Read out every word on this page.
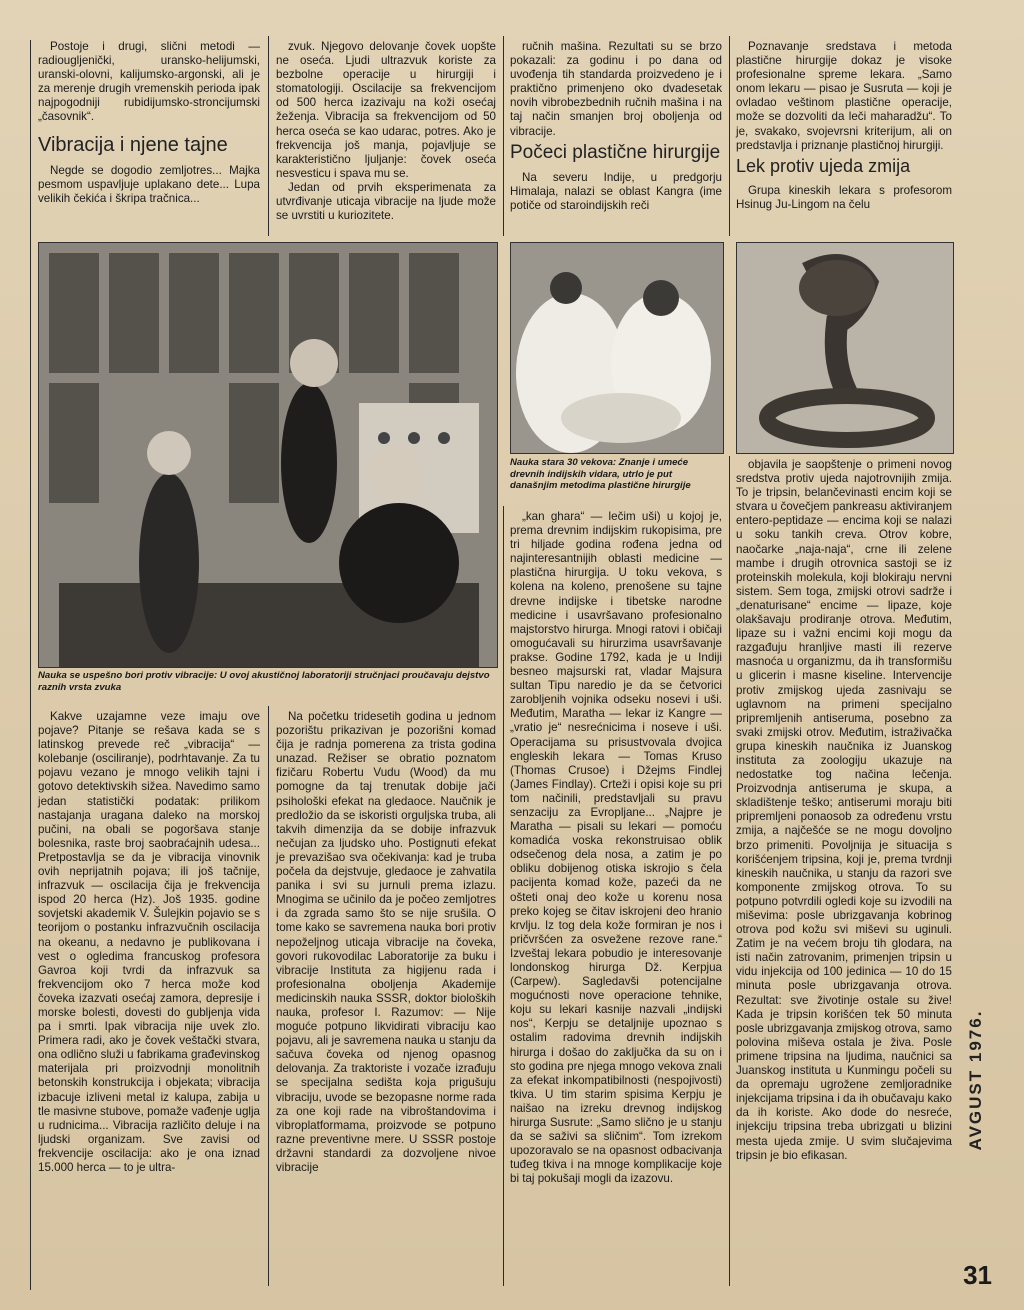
Postoje i drugi, slični metodi — radiougljenički, uransko-helijumski, uranski-olovni, kalijumsko-argonski, ali je za merenje drugih vremenskih perioda ipak najpogodniji rubidijumsko-stroncijumski „časovnik“.

Vibracija i njene tajne

Negde se dogodio zemljotres... Majka pesmom uspavljuje uplakano dete... Lupa velikih čekića i škripa tračnica...

zvuk. Njegovo delovanje čovek uopšte ne oseća. Ljudi ultrazvuk koriste za bezbolne operacije u hirurgiji i stomatologiji. Oscilacije sa frekvencijom od 500 herca izazivaju na koži osećaj žeženja. Vibracija sa frekvencijom od 50 herca oseća se kao udarac, potres. Ako je frekvencija još manja, pojavljuje se karakterističnо ljuljanje: čovek oseća nesvesticu i spava mu se.

Jedan od prvih eksperimenata za utvrđivanje uticaja vibracije na ljude može se uvrstiti u kuriozitete.

ručnih mašina. Rezultati su se brzo pokazali: za godinu i po dana od uvođenja tih standarda proizvedeno je i praktično primenjeno oko dvadesetak novih vibrobezbednih ručnih mašina i na taj način smanjen broj oboljenja od vibracije.

Počeci plastične hirurgije

Na severu Indije, u predgorju Himalaja, nalazi se oblast Kangra (ime potiče od staroindijskih reči

Poznavanje sredstava i metoda plastične hirurgije dokaz je visoke profesionalne spreme lekara. „Samo onom lekaru — pisao je Susruta — koji je ovladao veštinom plastične operacije, može se dozvoliti da leči maharadžu“. To je, svakako, svojevrsni kriterijum, ali on predstavlja i priznanje plastičnoj hirurgiji.

Lek protiv ujeda zmija

Grupa kineskih lekara s profesorom Hsinug Ju-Lingom na čelu

Nauka se uspešno bori protiv vibracije: U ovoj akustičnoj laboratoriji stručnjaci proučavaju dejstvo raznih vrsta zvuka
Nauka stara 30 vekova: Znanje i umeće drevnih indijskih vidara, utrlo je put današnjim metodima plastične hirurgije

Kakve uzajamne veze imaju ove pojave? Pitanje se rešava kada se s latinskog prevede reč „vibracija“ — kolebanje (oscilіranje), podrhtavanje. Za tu pojavu vezano je mnogo velikih tajni i gotovo detektivskih sižea. Navedimo samo jedan statistički podatak: prilikom nastajanja uragana daleko na morskoj pučini, na obali se pogoršava stanje bolesnika, raste broj saobraćajnih udesa... Pretpostavlja se da je vibracija vinovnik ovih neprijatnih pojava; ili još tačnije, infrazvuk — oscilacija čija je frekvencija ispod 20 herca (Hz). Još 1935. godine sovjetski akademik V. Šulejkin pojavio se s teorijom o postanku infrazvučnih oscilacija na okeanu, a nedavno je publikovana i vest o ogledima francuskog profesora Gavroa koji tvrdi da infrazvuk sa frekvencijom oko 7 herca može kod čoveka izazvati osećaj zamora, depresije i morske bolesti, dovesti do gubljenja vida pa i smrti. Ipak vibracija nije uvek zlo. Primera radi, ako je čovek veštački stvara, ona odlično služi u fabrikama građevinskog materijala pri proizvodnji monolitnih betonskih konstrukcija i objekata; vibracija izbacuje izliveni metal iz kalupa, zabija u tle masivne stubove, pomaže vađenje uglja u rudnicima... Vibracija različito deluje i na ljudski organizam. Sve zavisi od frekvencije oscilacija: ako je ona iznad 15.000 herca — to je ultra-

Na početku tridesetih godina u jednom pozorištu prikazivan je pozorišni komad čija je radnja pomerena za trista godina unazad. Režiser se obratio poznatom fizičaru Robertu Vudu (Wood) da mu pomogne da taj trenutak dobije jači psihološki efekat na gledaoce. Naučnik je predložio da se iskoristi orguljska truba, ali takvih dimenzija da se dobije infrazvuk nečujan za ljudsko uho. Postignuti efekat je prevazišao sva očekivanja: kad je truba počela da dejstvuje, gledaoce je zahvatila panika i svi su jurnuli prema izlazu. Mnogima se učinilo da je počeo zemljotres i da zgrada samo što se nije srušila. O tome kako se savremena nauka bori protiv nepoželjnog uticaja vibracije na čoveka, govori rukovodilac Laboratorije za buku i vibracije Instituta za higijenu rada i profesionalna oboljenja Akademije medicinskih nauka SSSR, doktor bioloških nauka, profesor I. Razumov: — Nije moguće potpuno likvidirati vibraciju kao pojavu, ali je savremena nauka u stanju da sačuva čoveka od njenog opasnog delovanja. Za traktoriste i vozače izrađuju se specijalna sedišta koja prigušuju vibraciju, uvode se bezopasne norme rada za one koji rade na vibroštandovima i vibroplatformama, proizvode se potpuno razne preventivne mere. U SSSR postoje državni standardi za dozvoljene nivoe vibracije

„kan ghara“ — lečim uši) u kojoj je, prema drevnim indijskim rukopisima, pre tri hiljade godina rođena jedna od najinteresantnijih oblasti medicine — plastična hirurgija. U toku vekova, s kolena na koleno, prenošene su tajne drevne indijske i tibetske narodne medicine i usavršavano profesionalno majstorstvo hirurga. Mnogi ratovi i običaji omogućavali su hirurzima usavršavanje prakse. Godine 1792, kada je u Indiji besneo majsurski rat, vladar Majsura sultan Tipu naredio je da se četvorici zarobljenih vojnika odseku nosevi i uši. Međutim, Maratha — lekar iz Kangre — „vratio je“ nesrećnicima i noseve i uši. Operacijama su prisustvovala dvojica engleskih lekara — Tomas Kruso (Thomas Crusoe) i Džejms Findlej (James Findlay). Crteži i opisi koje su pri tom načinili, predstavljali su pravu senzaciju za Evropljane... „Najpre je Maratha — pisali su lekari — pomoću komadića voska rekonstruisao oblik odsečenog dela nosa, a zatim je po obliku dobijenog otiska iskrojio s čela pacijenta komad kože, pazeći da ne ošteti onaj deo kože u korenu nosa preko kojeg se čitav iskrojeni deo hranio krvlju. Iz tog dela kože formiran je nos i pričvršćen za osvežene rezove rane.“ Izveštaj lekara pobudio je interesovanje londonskog hirurga Dž. Kerpjua (Carpew). Sagledavši potencijalne mogućnosti nove operacione tehnike, koju su lekari kasnije nazvali „indijski nos“, Kerpju se detaljnije upoznao s ostalim radovima drevnih indijskih hirurga i došao do zaključka da su on i sto godina pre njega mnogo vekova znali za efekat inkompatibilnosti (nespojivosti) tkiva. U tim starim spisima Kerpju je naišao na izreku drevnog indijskog hirurga Susrute: „Samo slično je u stanju da se saživi sa sličnim“. Tom izrekom upozoravalo se na opasnost odbacivanja tuđeg tkiva i na mnoge komplikacije koje bi taj pokušaji mogli da izazovu.

objavila je saopštenje o primeni novog sredstva protiv ujeda najotrovnijih zmija. To je tripsin, belančevinasti encim koji se stvara u čovečjem pankreasu aktiviranjem entero-peptidaze — encima koji se nalazi u soku tankih creva. Otrov kobre, naočarke „naja-naja“, crne ili zelene mambe i drugih otrovnica sastoji se iz proteinskih molekula, koji blokiraju nervni sistem. Sem toga, zmijski otrovi sadrže i „denaturisane“ encime — lipaze, koje olakšavaju prodiranje otrova. Međutim, lipaze su i važni encimi koji mogu da razgađuju hranljive masti ili rezerve masnoća u organizmu, da ih transformišu u glicerin i masne kiseline. Intervencije protiv zmijskog ujeda zasnivaju se uglavnom na primeni specijalno pripremljenih antiseruma, posebno za svaki zmijski otrov. Međutim, istraživačka grupa kineskih naučnika iz Juanskog instituta za zoologiju ukazuje na nedostatke tog načina lečenja. Proizvodnja antiseruma je skupa, a skladištenje teško; antiserumi moraju biti pripremljeni ponaosob za određenu vrstu zmija, a najčešće se ne mogu dovoljno brzo primeniti. Povoljnija je situacija s korišćenjem tripsina, koji je, prema tvrdnji kineskih naučnika, u stanju da razori sve komponente zmijskog otrova. To su potpuno potvrdili ogledi koje su izvodili na miševima: posle ubrizgavanja kobrinog otrova pod kožu svi miševi su uginuli. Zatim je na većem broju tih glodara, na isti način zatrovanim, primenjen tripsin u vidu injekcija od 100 jedinica — 10 do 15 minuta posle ubrizgavanja otrova. Rezultat: sve životinje ostale su žive! Kada je tripsin korišćen tek 50 minuta posle ubrizgavanja zmijskog otrova, samo polovina miševa ostala je živa. Posle primene tripsina na ljudima, naučnici sa Juanskog instituta u Kunmingu počeli su da opremaju ugrožene zemljoradnike injekcijama tripsina i da ih obučavaju kako da ih koriste. Ako dode do nesreće, injekciju tripsina treba ubrizgati u blizini mesta ujeda zmije. U svim slučajevima tripsin je bio efikasan.

AVGUST 1976.
31
